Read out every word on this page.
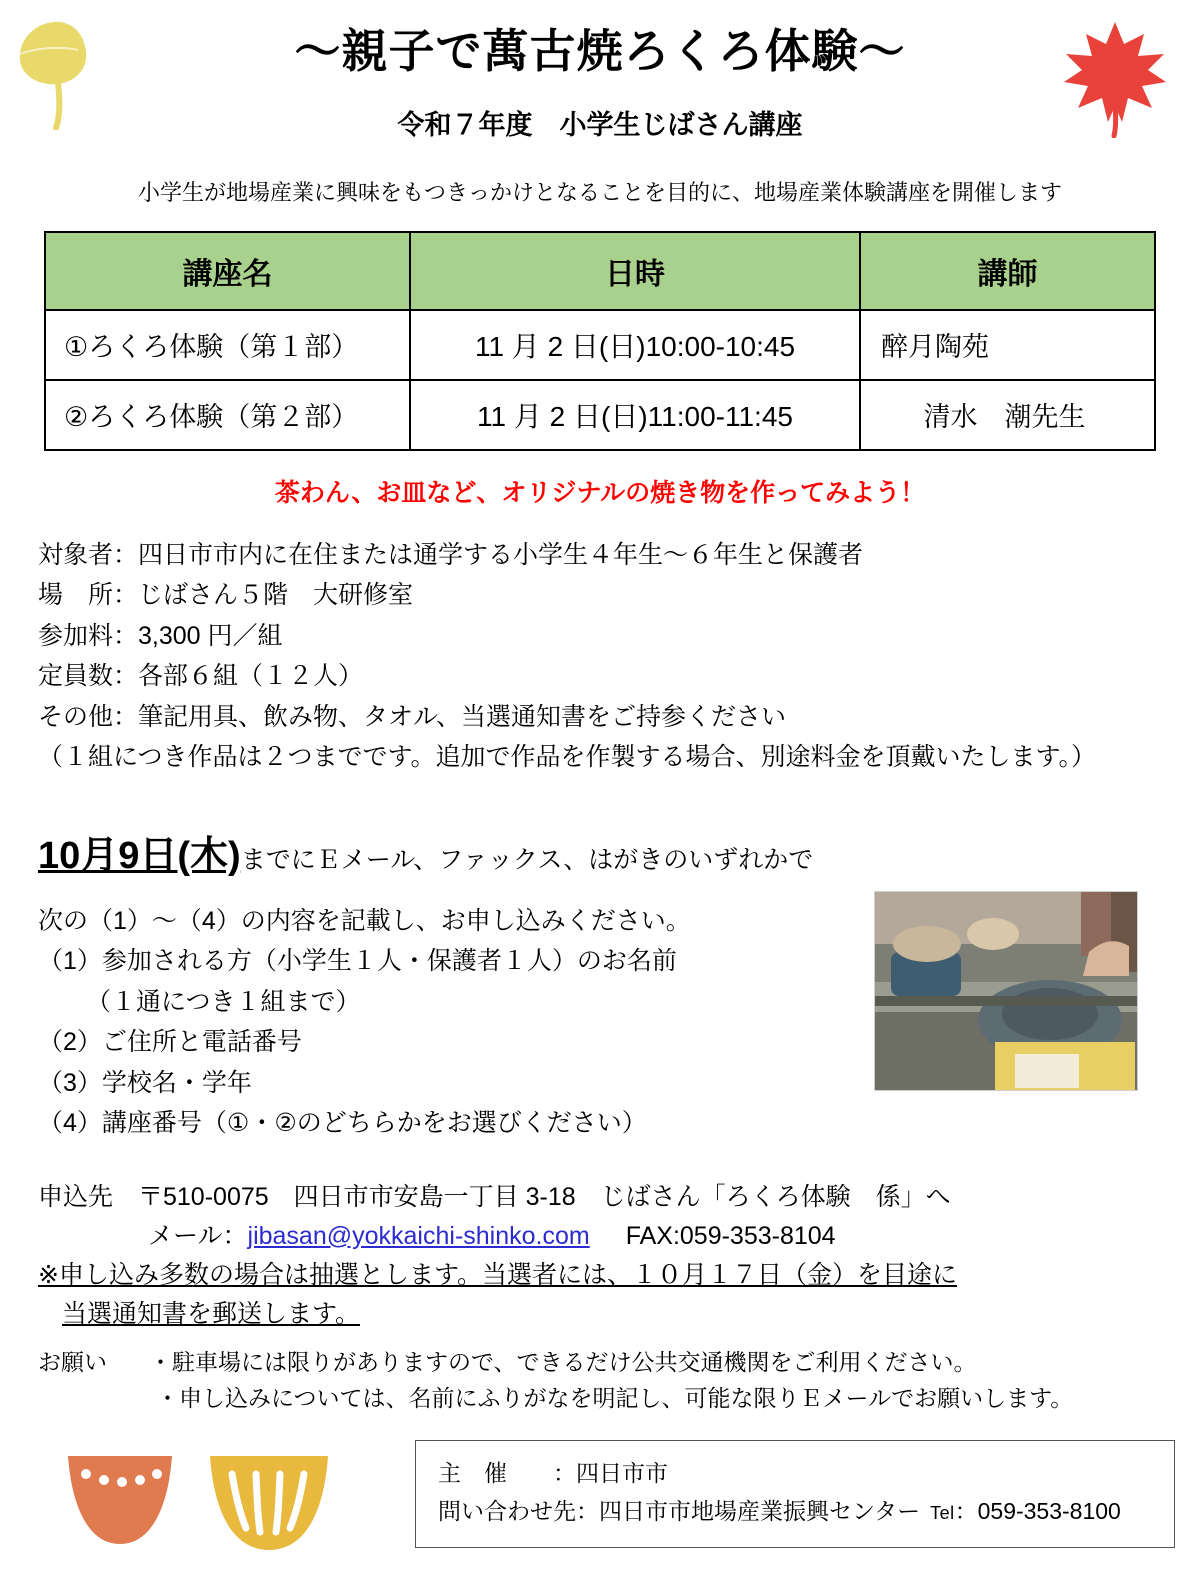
〜親子で萬古焼ろくろ体験〜
令和７年度　小学生じばさん講座
小学生が地場産業に興味をもつきっかけとなることを目的に、地場産業体験講座を開催します
講座名	日時	講師
①ろくろ体験（第１部）	11 月 2 日(日)10:00-10:45	醉月陶苑
②ろくろ体験（第２部）	11 月 2 日(日)11:00-11:45	清水　潮先生
茶わん、お皿など、オリジナルの焼き物を作ってみよう！
対象者：四日市市内に在住または通学する小学生４年生〜６年生と保護者
場　所：じばさん５階　大研修室
参加料：3,300 円／組
定員数：各部６組（１２人）
その他：筆記用具、飲み物、タオル、当選通知書をご持参ください
（１組につき作品は２つまでです。追加で作品を作製する場合、別途料金を頂戴いたします。）
10月9日(木)までにＥメール、ファックス、はがきのいずれかで
次の（1）〜（4）の内容を記載し、お申し込みください。
（1）参加される方（小学生１人・保護者１人）のお名前
（１通につき１組まで）
（2）ご住所と電話番号
（3）学校名・学年
（4）講座番号（①・②のどちらかをお選びください）
申込先　〒510-0075　四日市市安島一丁目 3-18　じばさん「ろくろ体験　係」へ
メール：jibasan@yokkaichi-shinko.com FAX:059-353-8104
※申し込み多数の場合は抽選とします。当選者には、１０月１７日（金）を目途に 当選通知書を郵送します。
お願い ・駐車場には限りがありますので、できるだけ公共交通機関をご利用ください。
・申し込みについては、名前にふりがなを明記し、可能な限りＥメールでお願いします。
主　催　　：四日市市
問い合わせ先：四日市市地場産業振興センター Tel：059-353-8100
